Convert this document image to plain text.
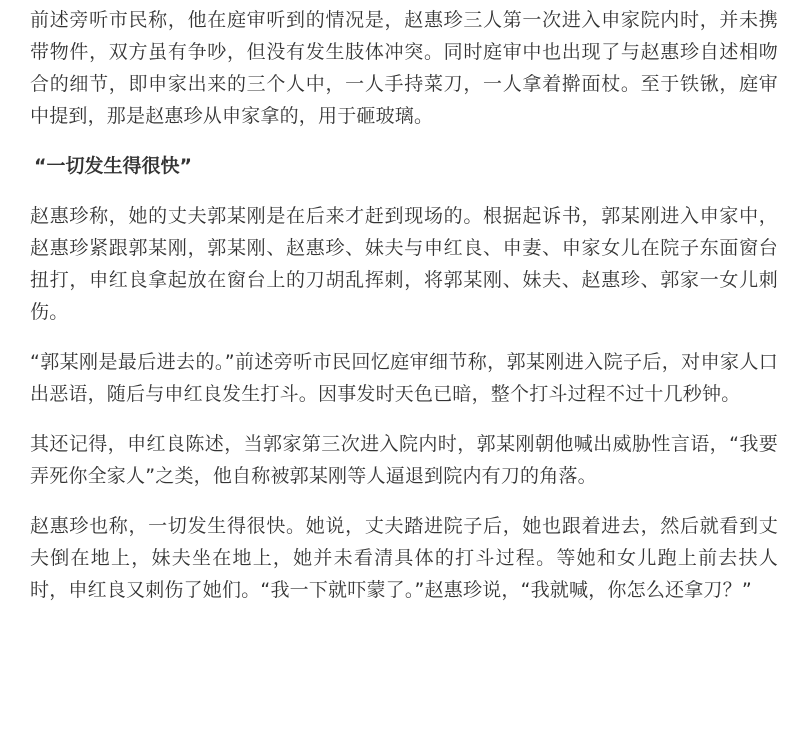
前述旁听市民称，他在庭审听到的情况是，赵惠珍三人第一次进入申家院内时，并未携带物件，双方虽有争吵，但没有发生肢体冲突。同时庭审中也出现了与赵惠珍自述相吻合的细节，即申家出来的三个人中，一人手持菜刀，一人拿着擀面杖。至于铁锹，庭审中提到，那是赵惠珍从申家拿的，用于砸玻璃。

“一切发生得很快”

赵惠珍称，她的丈夫郭某刚是在后来才赶到现场的。根据起诉书，郭某刚进入申家中，赵惠珍紧跟郭某刚，郭某刚、赵惠珍、妹夫与申红良、申妻、申家女儿在院子东面窗台扭打，申红良拿起放在窗台上的刀胡乱挥刺，将郭某刚、妹夫、赵惠珍、郭家一女儿刺伤。

“郭某刚是最后进去的。”前述旁听市民回忆庭审细节称，郭某刚进入院子后，对申家人口出恶语，随后与申红良发生打斗。因事发时天色已暗，整个打斗过程不过十几秒钟。

其还记得，申红良陈述，当郭家第三次进入院内时，郭某刚朝他喊出威胁性言语，“我要弄死你全家人”之类，他自称被郭某刚等人逼退到院内有刀的角落。

赵惠珍也称，一切发生得很快。她说，丈夫踏进院子后，她也跟着进去，然后就看到丈夫倒在地上，妹夫坐在地上，她并未看清具体的打斗过程。等她和女儿跑上前去扶人时，申红良又刺伤了她们。“我一下就吓蒙了。”赵惠珍说，“我就喊，你怎么还拿刀？”
